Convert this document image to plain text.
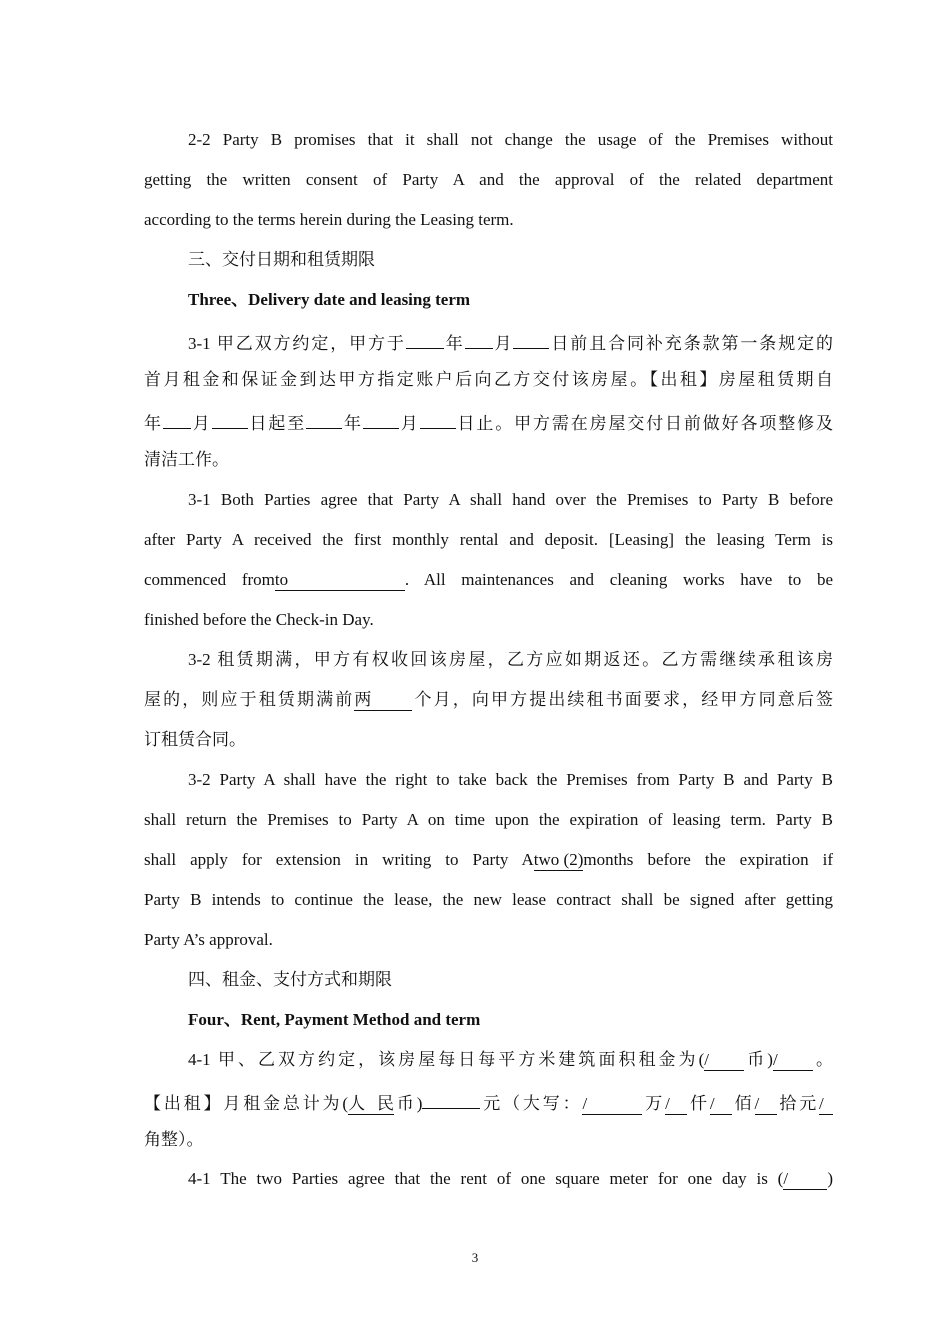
2-2 Party B promises that it shall not change the usage of the Premises without
getting the written consent of Party A and the approval of the related department
according to the terms herein during the Leasing term.
三、交付日期和租赁期限
Three、Delivery date and leasing term
3-1 甲乙双方约定，甲方于 年 月 日前且合同补充条款第一条规定的
首月租金和保证金到达甲方指定账户后向乙方交付该房屋。【出租】房屋租赁期自
年 月 日起至 年 月 日止。甲方需在房屋交付日前做好各项整修及
清洁工作。
3-1 Both Parties agree that Party A shall hand over the Premises to Party B before
after Party A received the first monthly rental and deposit. [Leasing] the leasing Term is
commenced fromto	. All maintenances and cleaning works have to be
finished before the Check-in Day.
3-2 租赁期满，甲方有权收回该房屋，乙方应如期返还。乙方需继续承租该房
屋的，则应于租赁期满前两 个月，向甲方提出续租书面要求，经甲方同意后签
订租赁合同。
3-2 Party A shall have the right to take back the Premises from Party B and Party B
shall return the Premises to Party A on time upon the expiration of leasing term. Party B
shall apply for extension in writing to Party Atwo (2)months before the expiration if
Party B intends to continue the lease, the new lease contract shall be signed after getting
Party A’s approval.
四、租金、支付方式和期限
Four、Rent, Payment Method and term
4-1 甲、乙双方约定，该房屋每日每平方米建筑面积租金为(/ 币)/ 。
【出租】月租金总计为(人民币)	元（大写：/	万/ 仟/ 佰/ 拾元/
角整）。
4-1 The two Parties agree that the rent of one square meter for one day is (/ )
3
